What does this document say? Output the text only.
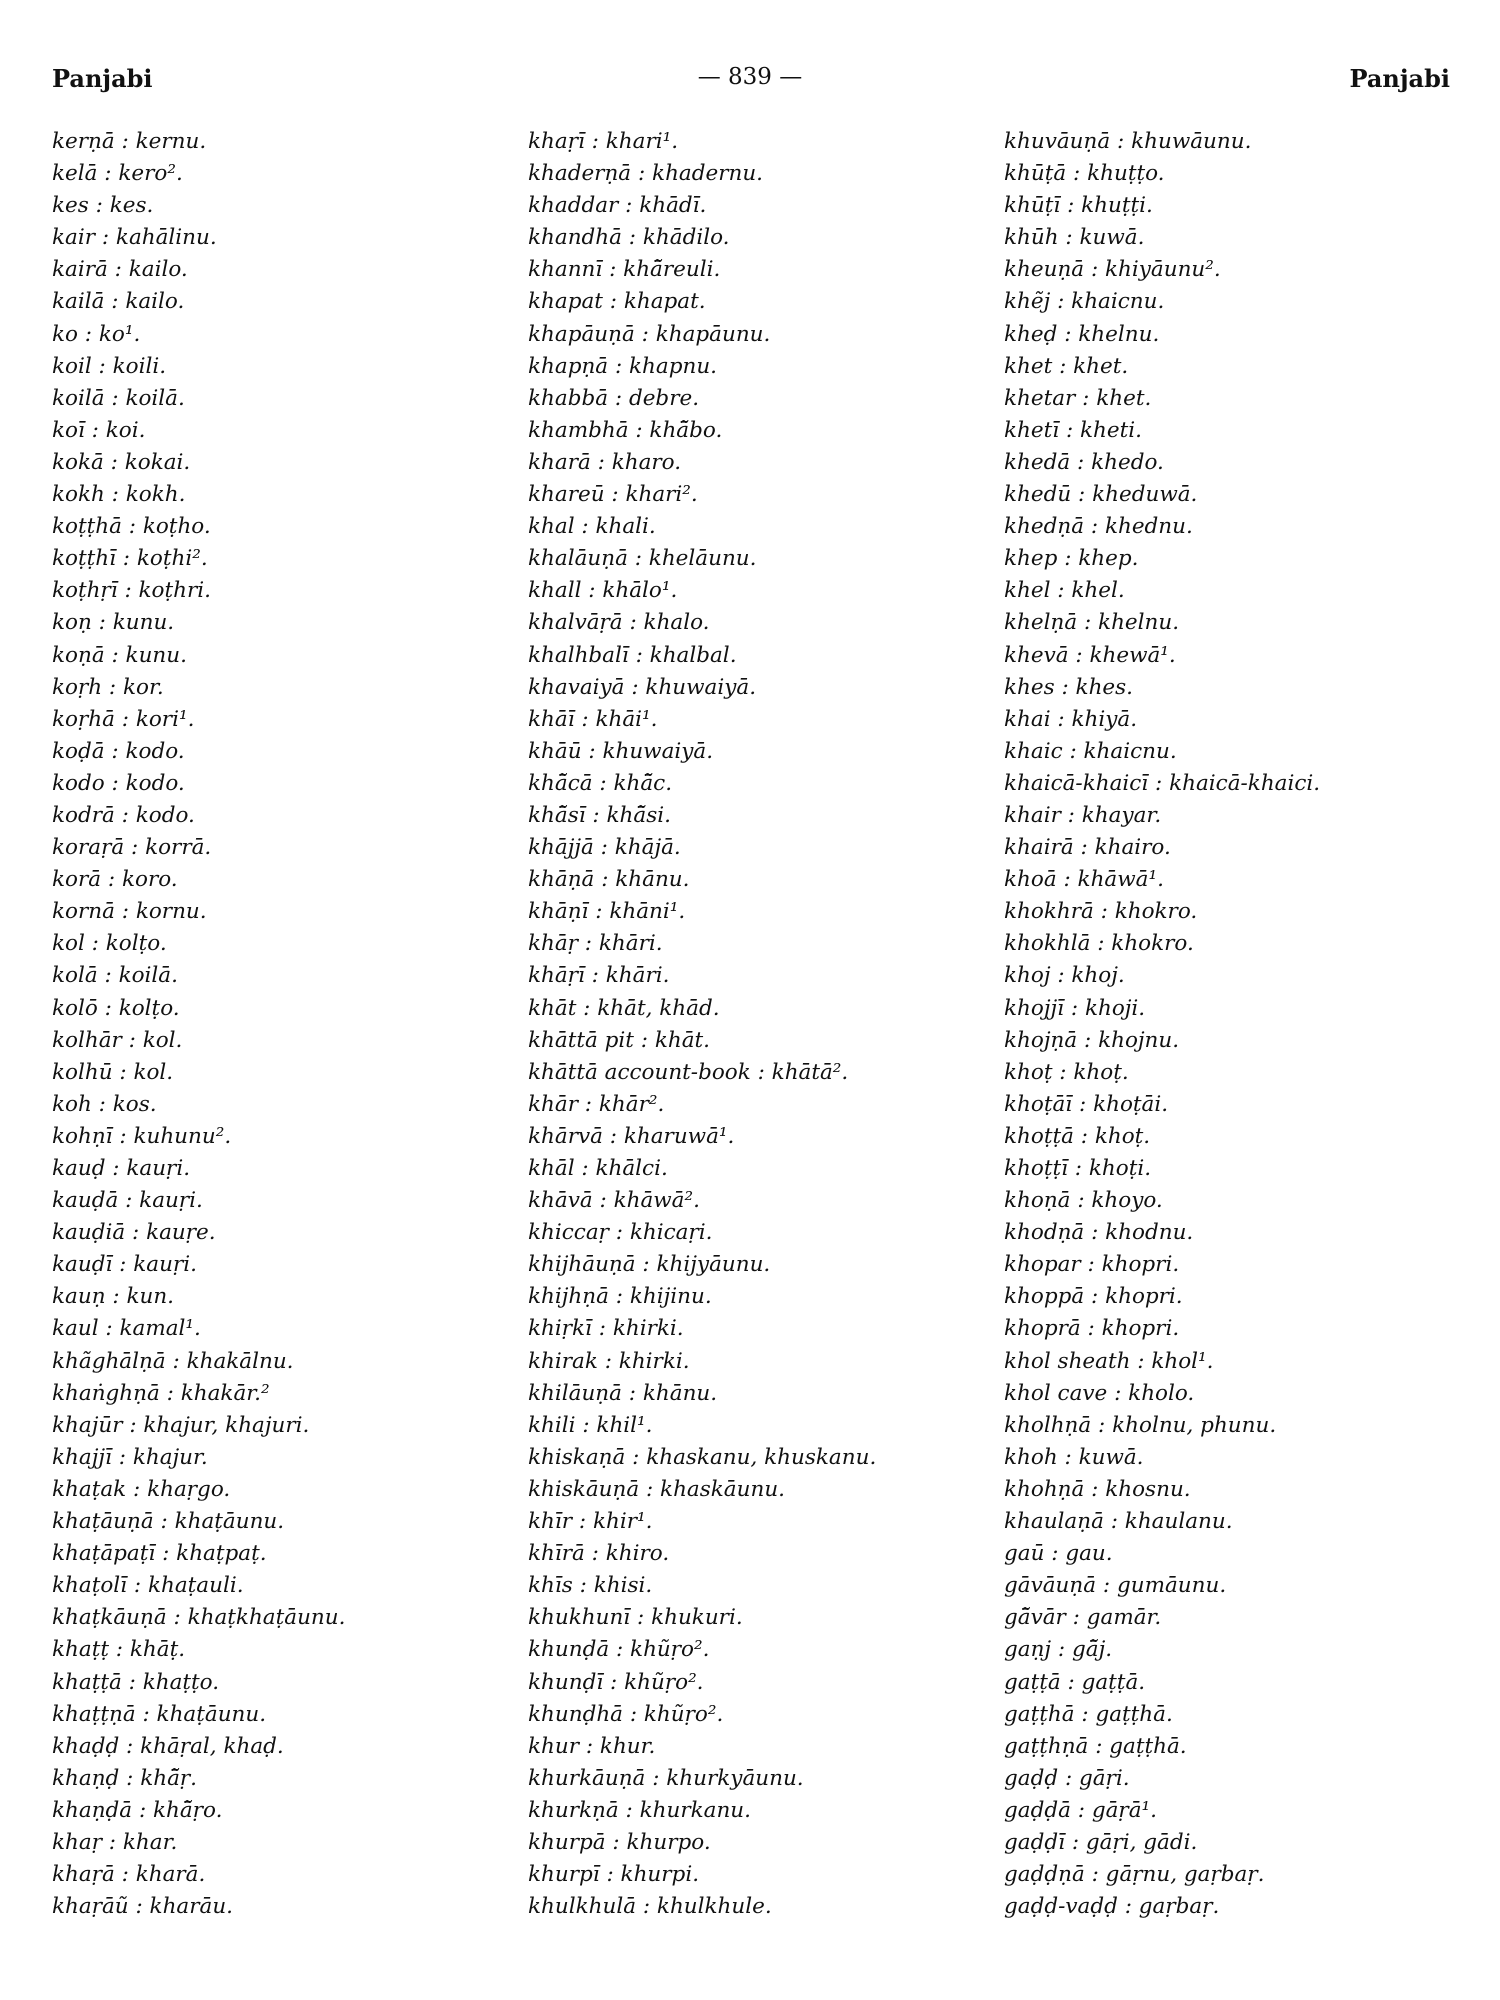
Panjabi	— 839 —	Panjabi
kerṇā : kernu.
kelā : kero².
kes : kes.
kair : kahālinu.
kairā : kailo.
kailā : kailo.
ko : ko¹.
koil : koili.
koilā : koilā.
koī : koi.
kokā : kokai.
kokh : kokh.
koṭṭhā : koṭho.
koṭṭhī : koṭhi².
koṭhṛī : koṭhri.
koṇ : kunu.
koṇā : kunu.
koṛh : kor.
koṛhā : kori¹.
koḍā : kodo.
kodo : kodo.
kodrā : kodo.
koraṛā : korrā.
korā : koro.
kornā : kornu.
kol : kolṭo.
kolā : koilā.
kolō : kolṭo.
kolhār : kol.
kolhū : kol.
koh : kos.
kohṇī : kuhunu².
kauḍ : kauṛi.
kauḍā : kauṛi.
kauḍiā : kauṛe.
kauḍī : kauṛi.
kauṇ : kun.
kaul : kamal¹.
khãghālṇā : khakālnu.
khaṅghṇā : khakār.²
khajūr : khajur, khajuri.
khajjī : khajur.
khaṭak : khaṛgo.
khaṭāuṇā : khaṭāunu.
khaṭāpaṭī : khaṭpaṭ.
khaṭolī : khaṭauli.
khaṭkāuṇā : khaṭkhaṭāunu.
khaṭṭ : khāṭ.
khaṭṭā : khaṭṭo.
khaṭṭṇā : khaṭāunu.
khaḍḍ : khāṛal, khaḍ.
khaṇḍ : khā̃ṛ.
khaṇḍā : khā̃ṛo.
khaṛ : khar.
khaṛā : kharā.
khaṛāũ : kharāu.
khaṛī : khari¹.
khaderṇā : khadernu.
khaddar : khādī.
khandhā : khādilo.
khannī : khā̃reuli.
khapat : khapat.
khapāuṇā : khapāunu.
khapṇā : khapnu.
khabbā : debre.
khambhā : khā̃bo.
kharā : kharo.
khareū : khari².
khal : khali.
khalāuṇā : khelāunu.
khall : khālo¹.
khalvāṛā : khalo.
khalhbalī : khalbal.
khavaiyā : khuwaiyā.
khāī : khāi¹.
khāū : khuwaiyā.
khā̃cā : khā̃c.
khā̃sī : khā̃si.
khājjā : khājā.
khāṇā : khānu.
khāṇī : khāni¹.
khāṛ : khāri.
khāṛī : khāri.
khāt : khāt, khād.
khāttā pit : khāt.
khāttā account-book : khātā².
khār : khār².
khārvā : kharuwā¹.
khāl : khālci.
khāvā : khāwā².
khiccaṛ : khicaṛi.
khijhāuṇā : khijyāunu.
khijhṇā : khijinu.
khiṛkī : khirki.
khirak : khirki.
khilāuṇā : khānu.
khili : khil¹.
khiskaṇā : khaskanu, khuskanu.
khiskāuṇā : khaskāunu.
khīr : khir¹.
khīrā : khiro.
khīs : khisi.
khukhunī : khukuri.
khunḍā : khũṛo².
khunḍī : khũṛo².
khunḍhā : khũṛo².
khur : khur.
khurkāuṇā : khurkyāunu.
khurkṇā : khurkanu.
khurpā : khurpo.
khurpī : khurpi.
khulkhulā : khulkhule.
khuvāuṇā : khuwāunu.
khūṭā : khuṭṭo.
khūṭī : khuṭṭi.
khūh : kuwā.
kheuṇā : khiyāunu².
khẽj : khaicnu.
kheḍ : khelnu.
khet : khet.
khetar : khet.
khetī : kheti.
khedā : khedo.
khedū : kheduwā.
khedṇā : khednu.
khep : khep.
khel : khel.
khelṇā : khelnu.
khevā : khewā¹.
khes : khes.
khai : khiyā.
khaic : khaicnu.
khaicā-khaicī : khaicā-khaici.
khair : khayar.
khairā : khairo.
khoā : khāwā¹.
khokhrā : khokro.
khokhlā : khokro.
khoj : khoj.
khojjī : khoji.
khojṇā : khojnu.
khoṭ : khoṭ.
khoṭāī : khoṭāi.
khoṭṭā : khoṭ.
khoṭṭī : khoṭi.
khoṇā : khoyo.
khodṇā : khodnu.
khopar : khopri.
khoppā : khopri.
khoprā : khopri.
khol sheath : khol¹.
khol cave : kholo.
kholhṇā : kholnu, phunu.
khoh : kuwā.
khohṇā : khosnu.
khaulaṇā : khaulanu.
gaū : gau.
gāvāuṇā : gumāunu.
gā̃vār : gamār.
gaṇj : gā̃j.
gaṭṭā : gaṭṭā.
gaṭṭhā : gaṭṭhā.
gaṭṭhṇā : gaṭṭhā.
gaḍḍ : gāṛi.
gaḍḍā : gāṛā¹.
gaḍḍī : gāṛi, gādi.
gaḍḍṇā : gāṛnu, gaṛbaṛ.
gaḍḍ-vaḍḍ : gaṛbaṛ.
